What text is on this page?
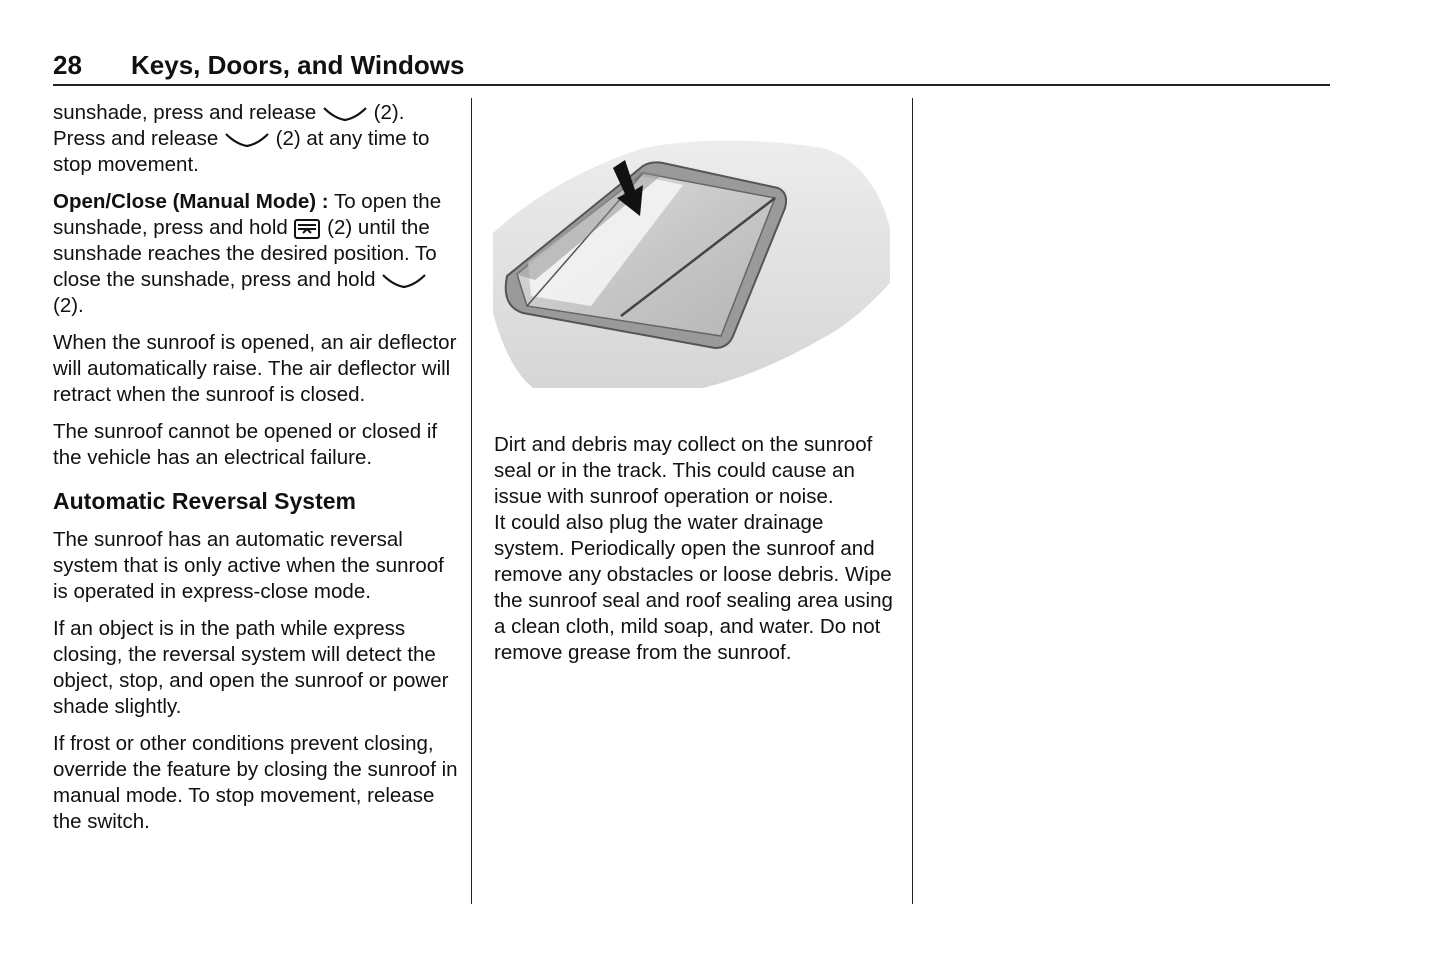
28 Keys, Doors, and Windows

sunshade, press and release  (2). Press and release  (2) at any time to stop movement.

Open/Close (Manual Mode) : To open the sunshade, press and hold  (2) until the sunshade reaches the desired position. To close the sunshade, press and hold  (2).

When the sunroof is opened, an air deflector will automatically raise. The air deflector will retract when the sunroof is closed.

The sunroof cannot be opened or closed if the vehicle has an electrical failure.

Automatic Reversal System

The sunroof has an automatic reversal system that is only active when the sunroof is operated in express-close mode.

If an object is in the path while express closing, the reversal system will detect the object, stop, and open the sunroof or power shade slightly.

If frost or other conditions prevent closing, override the feature by closing the sunroof in manual mode. To stop movement, release the switch.

Dirt and debris may collect on the sunroof seal or in the track. This could cause an issue with sunroof operation or noise.

It could also plug the water drainage system. Periodically open the sunroof and remove any obstacles or loose debris. Wipe the sunroof seal and roof sealing area using a clean cloth, mild soap, and water. Do not remove grease from the sunroof.
